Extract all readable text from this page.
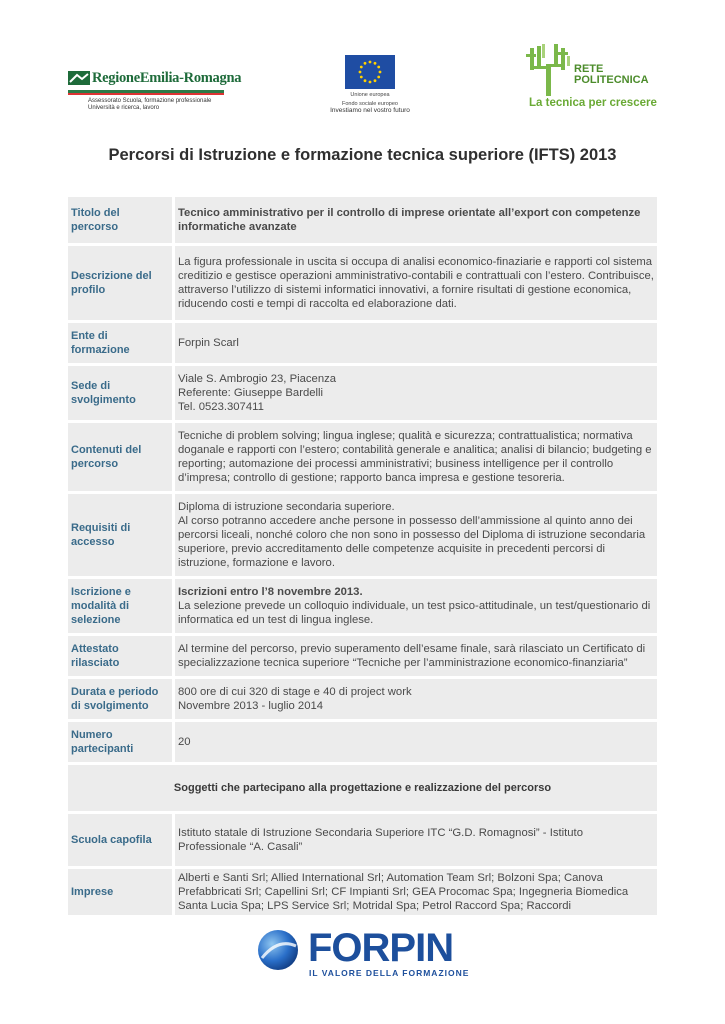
RegioneEmilia-Romagna
Assessorato Scuola, formazione professionale
Università e ricerca, lavoro
Unione europea
Fondo sociale europeo
Investiamo nel vostro futuro
RETE
POLITECNICA
La tecnica per crescere
Percorsi di Istruzione e formazione tecnica superiore (IFTS) 2013
Titolo del percorso	Tecnico amministrativo per il controllo di imprese orientate all’export con competenze informatiche avanzate
Descrizione del profilo	La figura professionale in uscita si occupa di analisi economico-finaziarie e rapporti col sistema creditizio e gestisce operazioni amministrativo-contabili e contrattuali con l’estero. Contribuisce, attraverso l’utilizzo di sistemi informatici innovativi, a fornire risultati di gestione economica, riducendo costi e tempi di raccolta ed elaborazione dati.
Ente di formazione	Forpin Scarl
Sede di svolgimento	Viale S. Ambrogio 23, Piacenza
Referente: Giuseppe Bardelli
Tel. 0523.307411

Contenuti del percorso	Tecniche di problem solving; lingua inglese; qualità e sicurezza; contrattualistica; normativa doganale e rapporti con l’estero; contabilità generale e analitica; analisi di bilancio; budgeting e reporting; automazione dei processi amministrativi; business intelligence per il controllo d’impresa; controllo di gestione; rapporto banca impresa e gestione tesoreria.
Requisiti di accesso	Diploma di istruzione secondaria superiore.
Al corso potranno accedere anche persone in possesso dell’ammissione al quinto anno dei percorsi liceali, nonché coloro che non sono in possesso del Diploma di istruzione secondaria superiore, previo accreditamento delle competenze acquisite in precedenti percorsi di istruzione, formazione e lavoro.

Iscrizione e modalità di selezione	Iscrizioni entro l’8 novembre 2013.
La selezione prevede un colloquio individuale, un test psico-attitudinale, un test/questionario di informatica ed un test di lingua inglese.

Attestato rilasciato	Al termine del percorso, previo superamento dell’esame finale, sarà rilasciato un Certificato di specializzazione tecnica superiore “Tecniche per l’amministrazione economico-finanziaria”
Durata e periodo di svolgimento	800 ore di cui 320 di stage e 40 di project work
Novembre 2013 - luglio 2014

Numero partecipanti	20
Soggetti che partecipano alla progettazione e realizzazione del percorso	
Scuola capofila	Istituto statale di Istruzione Secondaria Superiore ITC “G.D. Romagnosi” - Istituto Professionale “A. Casali”
Imprese	Alberti e Santi Srl; Allied International Srl; Automation Team Srl; Bolzoni Spa; Canova Prefabbricati Srl; Capellini Srl; CF Impianti Srl; GEA Procomac Spa; Ingegneria Biomedica Santa Lucia Spa; LPS Service Srl; Motridal Spa; Petrol Raccord Spa; Raccordi
FORPIN
IL VALORE DELLA FORMAZIONE
